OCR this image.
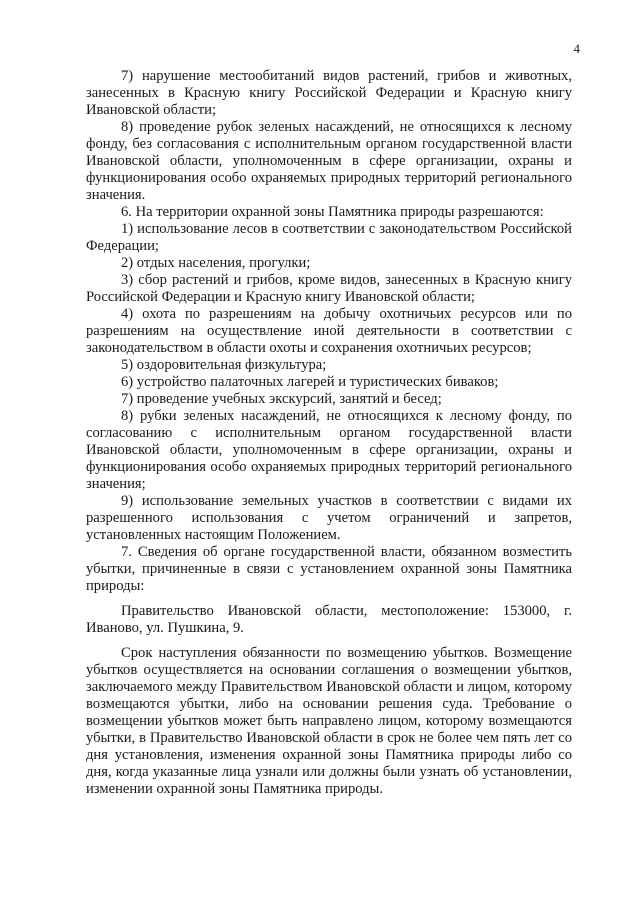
4

7) нарушение местообитаний видов растений, грибов и животных, занесенных в Красную книгу Российской Федерации и Красную книгу Ивановской области;

8) проведение рубок зеленых насаждений, не относящихся к лесному фонду, без согласования с исполнительным органом государственной власти Ивановской области, уполномоченным в сфере организации, охраны и функционирования особо охраняемых природных территорий регионального значения.

6. На территории охранной зоны Памятника природы разрешаются:

1) использование лесов в соответствии с законодательством Российской Федерации;

2) отдых населения, прогулки;

3) сбор растений и грибов, кроме видов, занесенных в Красную книгу Российской Федерации и Красную книгу Ивановской области;

4) охота по разрешениям на добычу охотничьих ресурсов или по разрешениям на осуществление иной деятельности в соответствии с законодательством в области охоты и сохранения охотничьих ресурсов;

5) оздоровительная физкультура;

6) устройство палаточных лагерей и туристических биваков;

7) проведение учебных экскурсий, занятий и бесед;

8) рубки зеленых насаждений, не относящихся к лесному фонду, по согласованию с исполнительным органом государственной власти Ивановской области, уполномоченным в сфере организации, охраны и функционирования особо охраняемых природных территорий регионального значения;

9) использование земельных участков в соответствии с видами их разрешенного использования с учетом ограничений и запретов, установленных настоящим Положением.

7. Сведения об органе государственной власти, обязанном возместить убытки, причиненные в связи с установлением охранной зоны Памятника природы:

Правительство Ивановской области, местоположение: 153000, г. Иваново, ул. Пушкина, 9.

Срок наступления обязанности по возмещению убытков. Возмещение убытков осуществляется на основании соглашения о возмещении убытков, заключаемого между Правительством Ивановской области и лицом, которому возмещаются убытки, либо на основании решения суда. Требование о возмещении убытков может быть направлено лицом, которому возмещаются убытки, в Правительство Ивановской области в срок не более чем пять лет со дня установления, изменения охранной зоны Памятника природы либо со дня, когда указанные лица узнали или должны были узнать об установлении, изменении охранной зоны Памятника природы.
